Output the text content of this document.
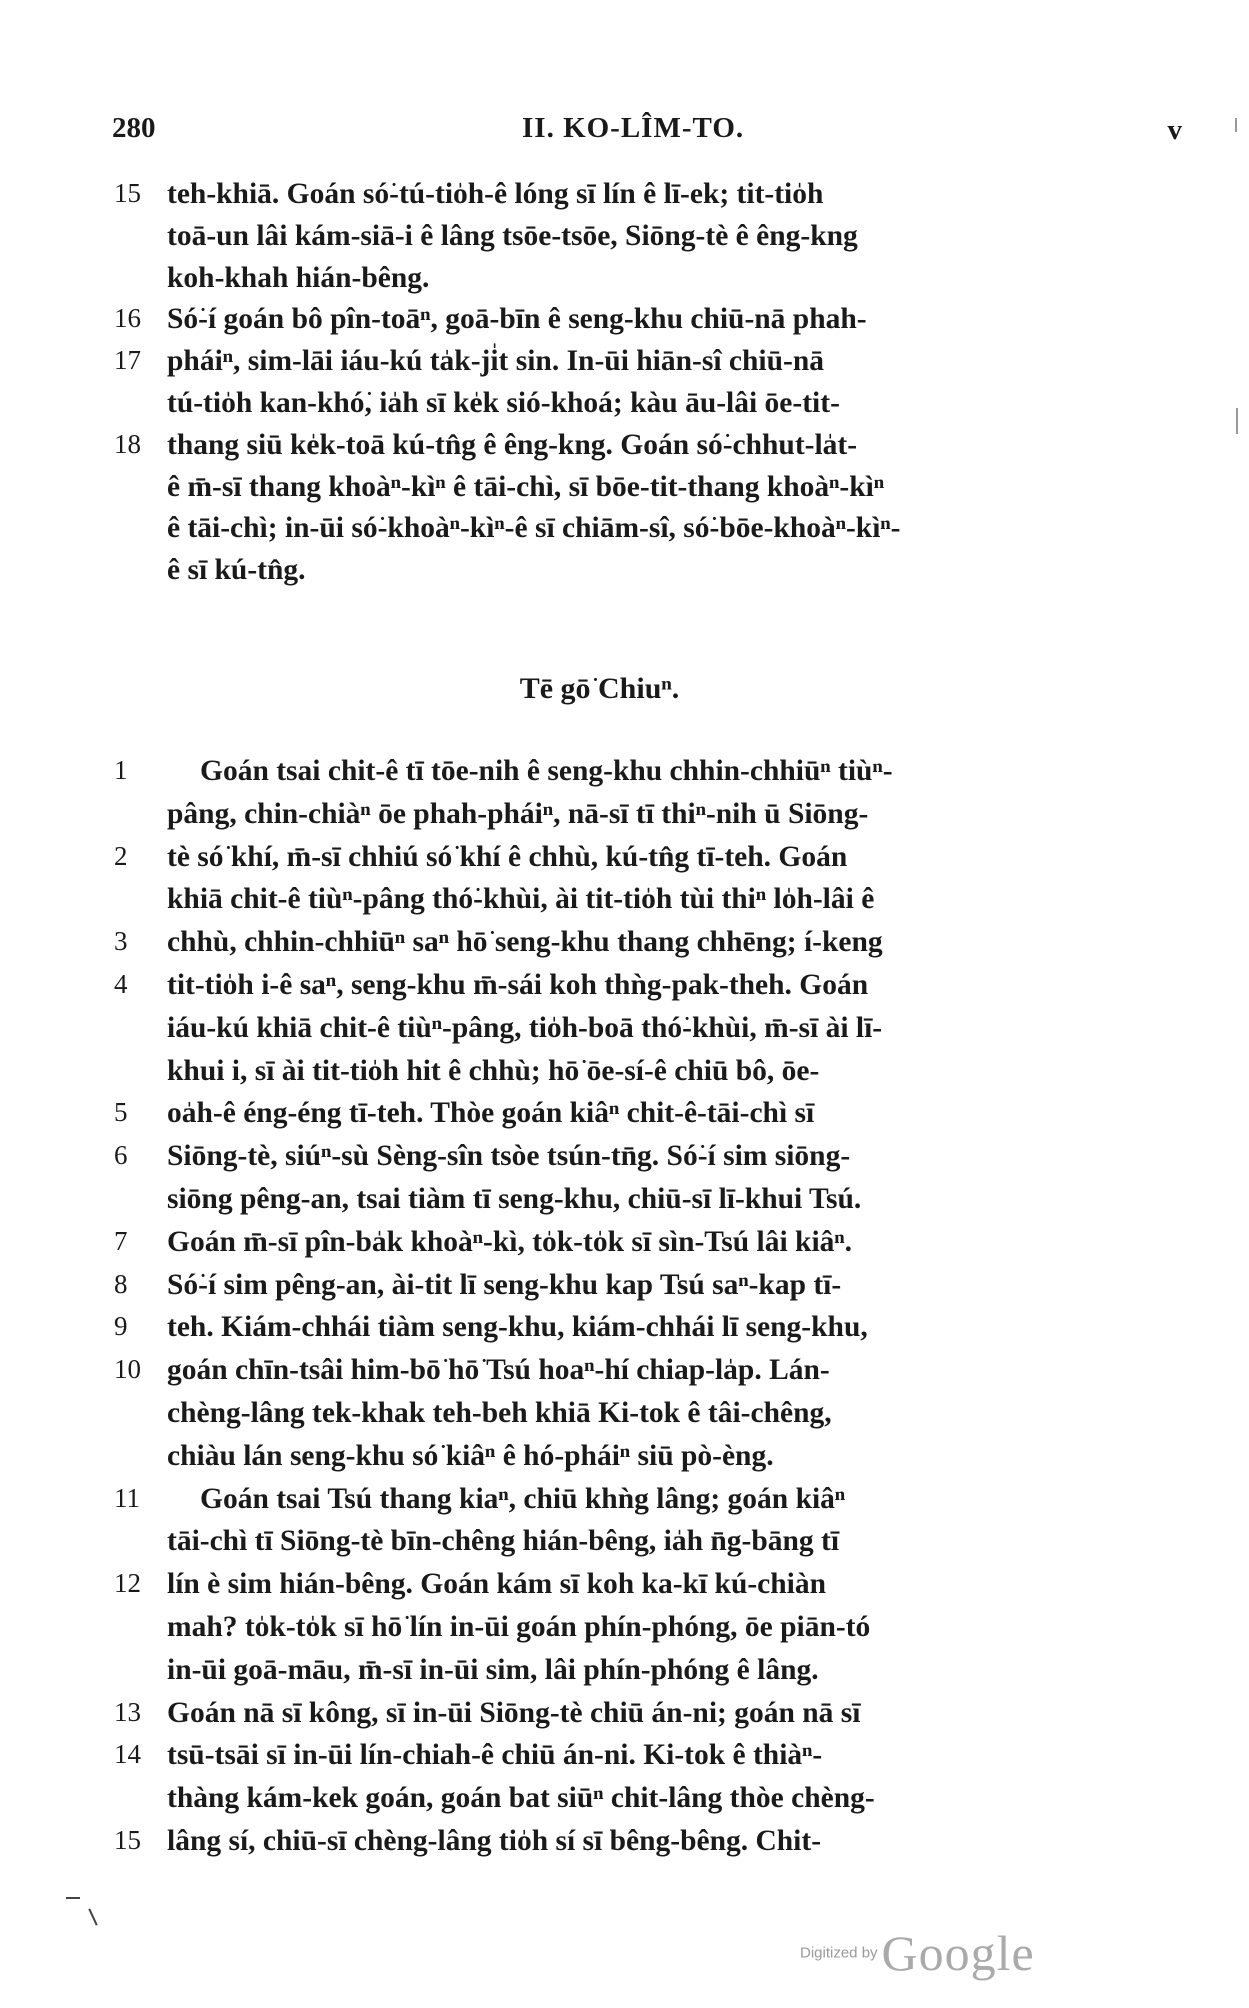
280	II. KO-LÎM-TO.	v
15 teh-khiā. Goán só͘-tú-tio̍h-ê lóng sī lín ê lī-ek; tit-tio̍h
toā-un lâi kám-siā-i ê lâng tsōe-tsōe, Siōng-tè ê êng-kng
koh-khah hián-bêng.
16 Só͘-í goán bô pîn-toāⁿ, goā-bīn ê seng-khu chiū-nā phah-
17 pháiⁿ, sim-lāi iáu-kú ta̍k-ji̍t sin. In-ūi hiān-sî chiū-nā
tú-tio̍h kan-khó͘, ia̍h sī ke̍k sió-khoá; kàu āu-lâi ōe-tit-
18 thang siū ke̍k-toā kú-tn̂g ê êng-kng. Goán só͘-chhut-la̍t-
ê m̄-sī thang khoàⁿ-kìⁿ ê tāi-chì, sī bōe-tit-thang khoàⁿ-kìⁿ
ê tāi-chì; in-ūi só͘-khoàⁿ-kìⁿ-ê sī chiām-sî, só͘-bōe-khoàⁿ-kìⁿ-
ê sī kú-tn̂g.
Tē gō͘ Chiuⁿ.
1	Goán tsai chit-ê tī tōe-nih ê seng-khu chhin-chhiūⁿ tiùⁿ-
pâng, chin-chiàⁿ ōe phah-pháiⁿ, nā-sī tī thiⁿ-nih ū Siōng-
2	tè só͘ khí, m̄-sī chhiú só͘ khí ê chhù, kú-tn̂g tī-teh. Goán
khiā chit-ê tiùⁿ-pâng thó͘-khùi, ài tit-tio̍h tùi thiⁿ lo̍h-lâi ê
3	chhù, chhin-chhiūⁿ saⁿ hō͘ seng-khu thang chhēng; í-keng
4	tit-tio̍h i-ê saⁿ, seng-khu m̄-sái koh thǹg-pak-theh. Goán
iáu-kú khiā chit-ê tiùⁿ-pâng, tio̍h-boā thó͘-khùi, m̄-sī ài lī-
khui i, sī ài tit-tio̍h hit ê chhù; hō͘ ōe-sí-ê chiū bô, ōe-
5	oa̍h-ê éng-éng tī-teh. Thòe goán kiâⁿ chit-ê-tāi-chì sī
6	Siōng-tè, siúⁿ-sù Sèng-sîn tsòe tsún-tn̄g. Só͘-í sim siōng-
siōng pêng-an, tsai tiàm tī seng-khu, chiū-sī lī-khui Tsú.
7	Goán m̄-sī pîn-ba̍k khoàⁿ-kì, to̍k-to̍k sī sìn-Tsú lâi kiâⁿ.
8	Só͘-í sim pêng-an, ài-tit lī seng-khu kap Tsú saⁿ-kap tī-
9	teh. Kiám-chhái tiàm seng-khu, kiám-chhái lī seng-khu,
10 goán chīn-tsâi him-bō͘ hō͘ Tsú hoaⁿ-hí chiap-la̍p. Lán-
chèng-lâng tek-khak teh-beh khiā Ki-tok ê tâi-chêng,
chiàu lán seng-khu só͘ kiâⁿ ê hó-pháiⁿ siū pò-èng.
11	Goán tsai Tsú thang kiaⁿ, chiū khǹg lâng; goán kiâⁿ
tāi-chì tī Siōng-tè bīn-chêng hián-bêng, ia̍h n̄g-bāng tī
12 lín è sim hián-bêng. Goán kám sī koh ka-kī kú-chiàn
mah? to̍k-to̍k sī hō͘ lín in-ūi goán phín-phóng, ōe piān-tó
in-ūi goā-māu, m̄-sī in-ūi sim, lâi phín-phóng ê lâng.
13 Goán nā sī kông, sī in-ūi Siōng-tè chiū án-ni; goán nā sī
14 tsū-tsāi sī in-ūi lín-chiah-ê chiū án-ni. Ki-tok ê thiàⁿ-
thàng kám-kek goán, goán bat siūⁿ chit-lâng thòe chèng-
15 lâng sí, chiū-sī chèng-lâng tio̍h sí sī bêng-bêng. Chit-
Digitized by Google
